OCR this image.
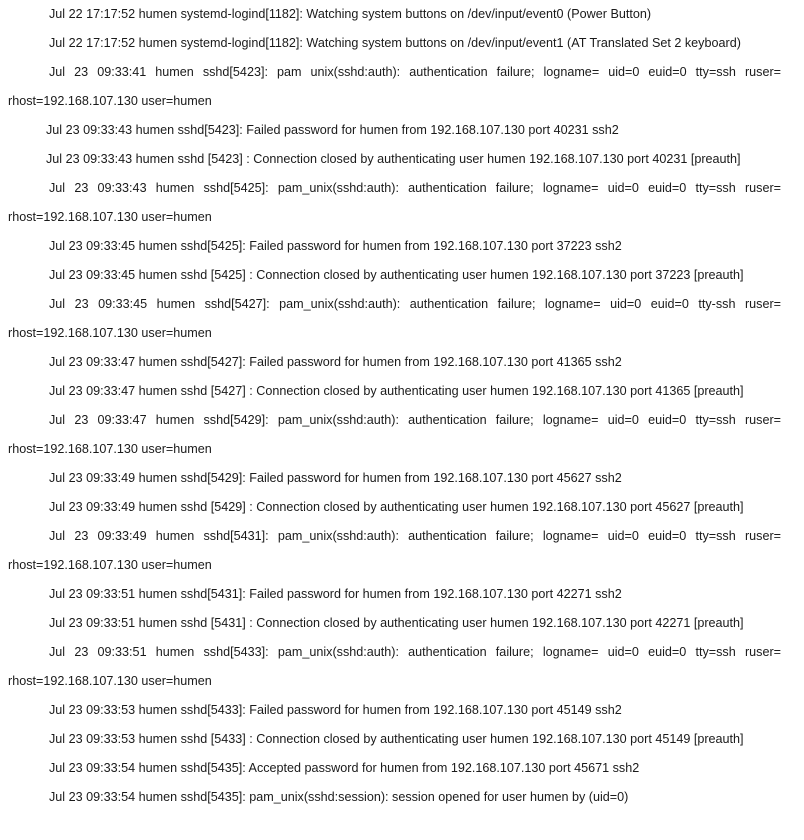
Jul 22 17:17:52 humen systemd-logind[1182]: Watching system buttons on /dev/input/event0 (Power Button)

Jul 22 17:17:52 humen systemd-logind[1182]: Watching system buttons on /dev/input/event1 (AT Translated Set 2 keyboard)

Jul 23 09:33:41 humen sshd[5423]: pam unix(sshd:auth): authentication failure; logname= uid=0 euid=0 tty=ssh ruser= rhost=192.168.107.130 user=humen

Jul 23 09:33:43 humen sshd[5423]: Failed password for humen from 192.168.107.130 port 40231 ssh2

Jul 23 09:33:43 humen sshd [5423] : Connection closed by authenticating user humen 192.168.107.130 port 40231 [preauth]

Jul 23 09:33:43 humen sshd[5425]: pam_unix(sshd:auth): authentication failure; logname= uid=0 euid=0 tty=ssh ruser= rhost=192.168.107.130 user=humen

Jul 23 09:33:45 humen sshd[5425]: Failed password for humen from 192.168.107.130 port 37223 ssh2

Jul 23 09:33:45 humen sshd [5425] : Connection closed by authenticating user humen 192.168.107.130 port 37223 [preauth]

Jul 23 09:33:45 humen sshd[5427]: pam_unix(sshd:auth): authentication failure; logname= uid=0 euid=0 tty-ssh ruser= rhost=192.168.107.130 user=humen

Jul 23 09:33:47 humen sshd[5427]: Failed password for humen from 192.168.107.130 port 41365 ssh2

Jul 23 09:33:47 humen sshd [5427] : Connection closed by authenticating user humen 192.168.107.130 port 41365 [preauth]

Jul 23 09:33:47 humen sshd[5429]: pam_unix(sshd:auth): authentication failure; logname= uid=0 euid=0 tty=ssh ruser= rhost=192.168.107.130 user=humen

Jul 23 09:33:49 humen sshd[5429]: Failed password for humen from 192.168.107.130 port 45627 ssh2

Jul 23 09:33:49 humen sshd [5429] : Connection closed by authenticating user humen 192.168.107.130 port 45627 [preauth]

Jul 23 09:33:49 humen sshd[5431]: pam_unix(sshd:auth): authentication failure; logname= uid=0 euid=0 tty=ssh ruser= rhost=192.168.107.130 user=humen

Jul 23 09:33:51 humen sshd[5431]: Failed password for humen from 192.168.107.130 port 42271 ssh2

Jul 23 09:33:51 humen sshd [5431] : Connection closed by authenticating user humen 192.168.107.130 port 42271 [preauth]

Jul 23 09:33:51 humen sshd[5433]: pam_unix(sshd:auth): authentication failure; logname= uid=0 euid=0 tty=ssh ruser= rhost=192.168.107.130 user=humen

Jul 23 09:33:53 humen sshd[5433]: Failed password for humen from 192.168.107.130 port 45149 ssh2

Jul 23 09:33:53 humen sshd [5433] : Connection closed by authenticating user humen 192.168.107.130 port 45149 [preauth]

Jul 23 09:33:54 humen sshd[5435]: Accepted password for humen from 192.168.107.130 port 45671 ssh2

Jul 23 09:33:54 humen sshd[5435]: pam_unix(sshd:session): session opened for user humen by (uid=0)
